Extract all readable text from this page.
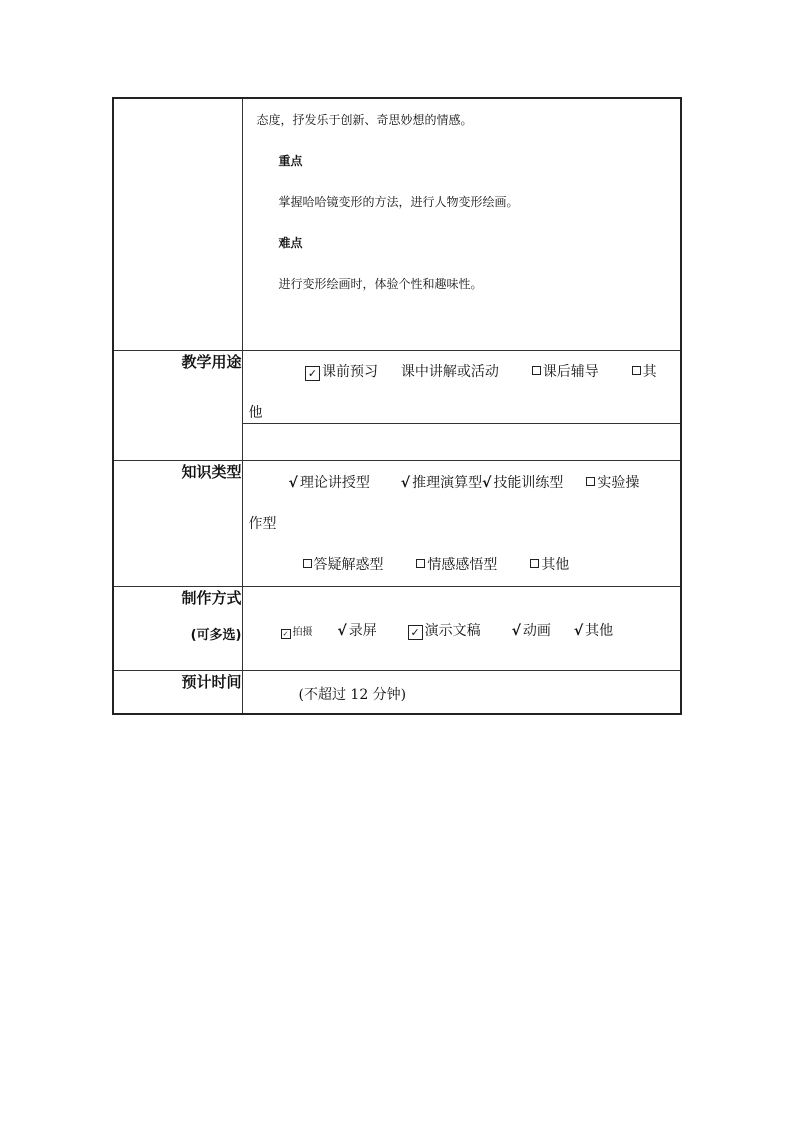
	态度，抒发乐于创新、奇思妙想的情感。

重点

掌握哈哈镜变形的方法，进行人物变形绘画。

难点

进行变形绘画时，体验个性和趣味性。

教学用途	✓ 课前预习 课中讲解或活动 课后辅导 其
他

知识类型	√ 理论讲授型 √ 推理演算型√ 技能训练型 实验操
作型
答疑解惑型 情感感悟型 其他

制作方式
(可多选)	✓ 拍摄 √ 录屏 ✓ 演示文稿 √ 动画 √ 其他

预计时间	(不超过 12 分钟)
